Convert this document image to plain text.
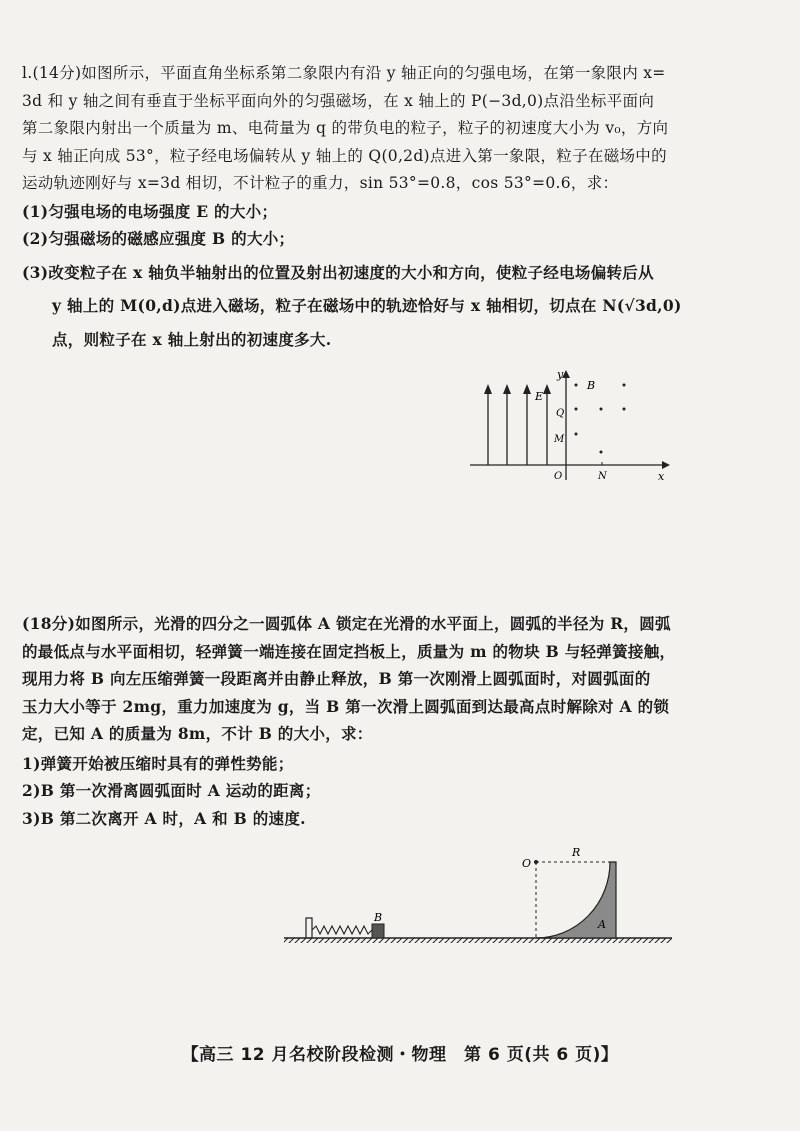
l.(14分)如图所示，平面直角坐标系第二象限内有沿 y 轴正向的匀强电场，在第一象限内 x=
3d 和 y 轴之间有垂直于坐标平面向外的匀强磁场，在 x 轴上的 P(−3d,0)点沿坐标平面向
第二象限内射出一个质量为 m、电荷量为 q 的带负电的粒子，粒子的初速度大小为 v₀，方向
与 x 轴正向成 53°，粒子经电场偏转从 y 轴上的 Q(0,2d)点进入第一象限，粒子在磁场中的
运动轨迹刚好与 x=3d 相切，不计粒子的重力，sin 53°=0.8，cos 53°=0.6，求：
(1)匀强电场的电场强度 E 的大小；
(2)匀强磁场的磁感应强度 B 的大小；
(3)改变粒子在 x 轴负半轴射出的位置及射出初速度的大小和方向，使粒子经电场偏转后从
y 轴上的 M(0,d)点进入磁场，粒子在磁场中的轨迹恰好与 x 轴相切，切点在 N(√3d,0)
点，则粒子在 x 轴上射出的初速度多大.
x
y
E
B
Q
M
O	N
(18分)如图所示，光滑的四分之一圆弧体 A 锁定在光滑的水平面上，圆弧的半径为 R，圆弧
的最低点与水平面相切，轻弹簧一端连接在固定挡板上，质量为 m 的物块 B 与轻弹簧接触，
现用力将 B 向左压缩弹簧一段距离并由静止释放，B 第一次刚滑上圆弧面时，对圆弧面的
玉力大小等于 2mg，重力加速度为 g，当 B 第一次滑上圆弧面到达最高点时解除对 A 的锁
定，已知 A 的质量为 8m，不计 B 的大小，求：
1)弹簧开始被压缩时具有的弹性势能；
2)B 第一次滑离圆弧面时 A 运动的距离；
3)B 第二次离开 A 时，A 和 B 的速度.
B
O
R
A
【高三 12 月名校阶段检测・物理　第 6 页(共 6 页)】
